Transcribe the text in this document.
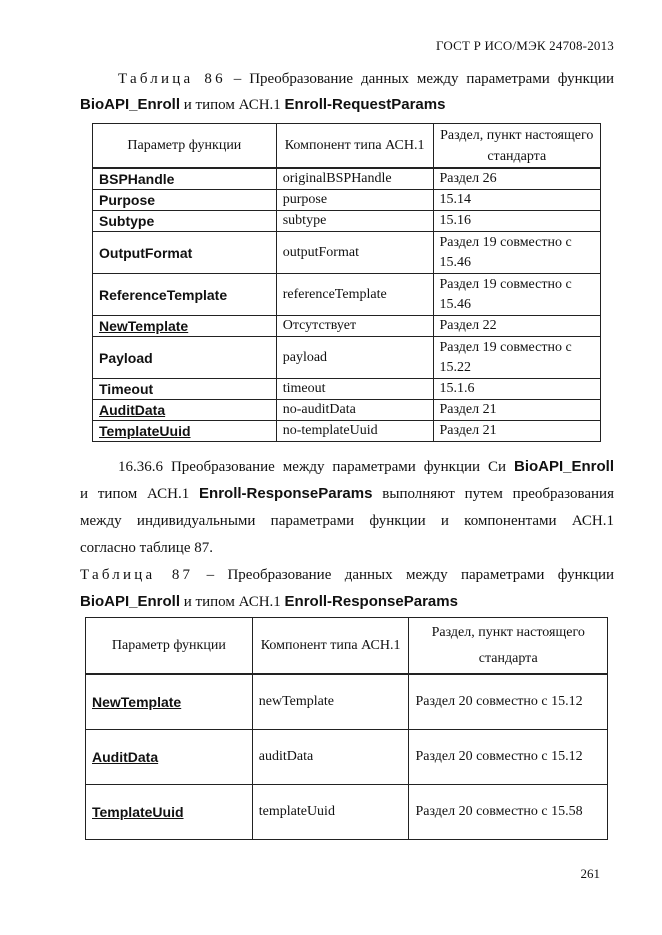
ГОСТ Р ИСО/МЭК 24708-2013
Таблица 86 – Преобразование данных между параметрами функции
BioAPI_Enroll и типом АСН.1 Enroll-RequestParams
Параметр функции	Компонент типа АСН.1	Раздел, пункт настоящего стандарта
BSPHandle	originalBSPHandle	Раздел 26
Purpose	purpose	15.14
Subtype	subtype	15.16
OutputFormat	outputFormat	Раздел 19 совместно с 15.46
ReferenceTemplate	referenceTemplate	Раздел 19 совместно с 15.46
NewTemplate	Отсутствует	Раздел 22
Payload	payload	Раздел 19 совместно с 15.22
Timeout	timeout	15.1.6
AuditData	no-auditData	Раздел 21
TemplateUuid	no-templateUuid	Раздел 21
16.36.6 Преобразование между параметрами функции Си BioAPI_Enroll
и типом АСН.1 Enroll-ResponseParams выполняют путем преобразования
между индивидуальными параметрами функции и компонентами АСН.1
согласно таблице 87.
Таблица 87 – Преобразование данных между параметрами функции
BioAPI_Enroll и типом АСН.1 Enroll-ResponseParams
Параметр функции	Компонент типа АСН.1	Раздел, пункт настоящего стандарта
NewTemplate	newTemplate	Раздел 20 совместно с 15.12
AuditData	auditData	Раздел 20 совместно с 15.12
TemplateUuid	templateUuid	Раздел 20 совместно с 15.58
261
